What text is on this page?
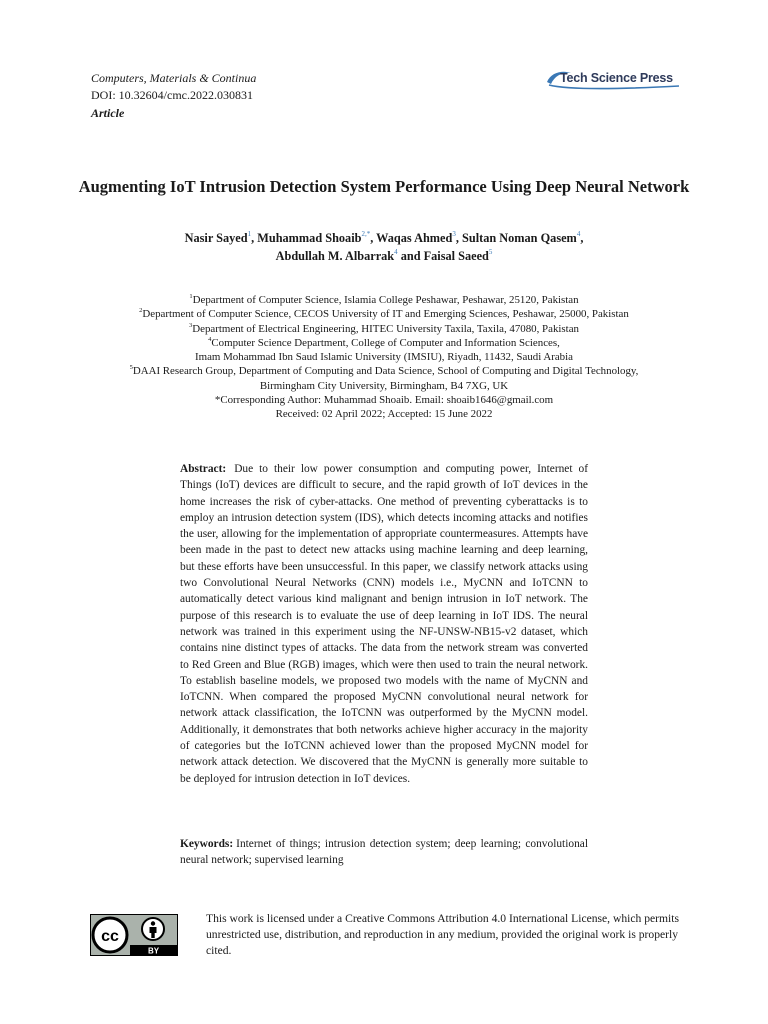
Computers, Materials & Continua
DOI: 10.32604/cmc.2022.030831
Article
Tech Science Press
Augmenting IoT Intrusion Detection System Performance Using Deep Neural Network
Nasir Sayed$^1$, Muhammad Shoaib$^{2,*}$, Waqas Ahmed$^3$, Sultan Noman Qasem$^4$,
Abdullah M. Albarrak$^4$ and Faisal Saeed$^5$
$^1$Department of Computer Science, Islamia College Peshawar, Peshawar, 25120, Pakistan
$^2$Department of Computer Science, CECOS University of IT and Emerging Sciences, Peshawar, 25000, Pakistan
$^3$Department of Electrical Engineering, HITEC University Taxila, Taxila, 47080, Pakistan
$^4$Computer Science Department, College of Computer and Information Sciences,
Imam Mohammad Ibn Saud Islamic University (IMSIU), Riyadh, 11432, Saudi Arabia
$^5$DAAI Research Group, Department of Computing and Data Science, School of Computing and Digital Technology,
Birmingham City University, Birmingham, B4 7XG, UK
*Corresponding Author: Muhammad Shoaib. Email: shoaib1646@gmail.com
Received: 02 April 2022; Accepted: 15 June 2022
Abstract: Due to their low power consumption and computing power, Internet of Things (IoT) devices are difficult to secure, and the rapid growth of IoT devices in the home increases the risk of cyber-attacks. One method of preventing cyberattacks is to employ an intrusion detection system (IDS), which detects incoming attacks and notifies the user, allowing for the implementation of appropriate countermeasures. Attempts have been made in the past to detect new attacks using machine learning and deep learning, but these efforts have been unsuccessful. In this paper, we classify network attacks using two Convolutional Neural Networks (CNN) models i.e., MyCNN and IoTCNN to automatically detect various kind malignant and benign intrusion in IoT network. The purpose of this research is to evaluate the use of deep learning in IoT IDS. The neural network was trained in this experiment using the NF-UNSW-NB15-v2 dataset, which contains nine distinct types of attacks. The data from the network stream was converted to Red Green and Blue (RGB) images, which were then used to train the neural network. To establish baseline models, we proposed two models with the name of MyCNN and IoTCNN. When compared the proposed MyCNN convolutional neural network for network attack classification, the IoTCNN was outperformed by the MyCNN model. Additionally, it demonstrates that both networks achieve higher accuracy in the majority of categories but the IoTCNN achieved lower than the proposed MyCNN model for network attack detection. We discovered that the MyCNN is generally more suitable to be deployed for intrusion detection in IoT devices.
Keywords: Internet of things; intrusion detection system; deep learning; convolutional neural network; supervised learning
cc
BY
This work is licensed under a Creative Commons Attribution 4.0 International License, which permits unrestricted use, distribution, and reproduction in any medium, provided the original work is properly cited.
